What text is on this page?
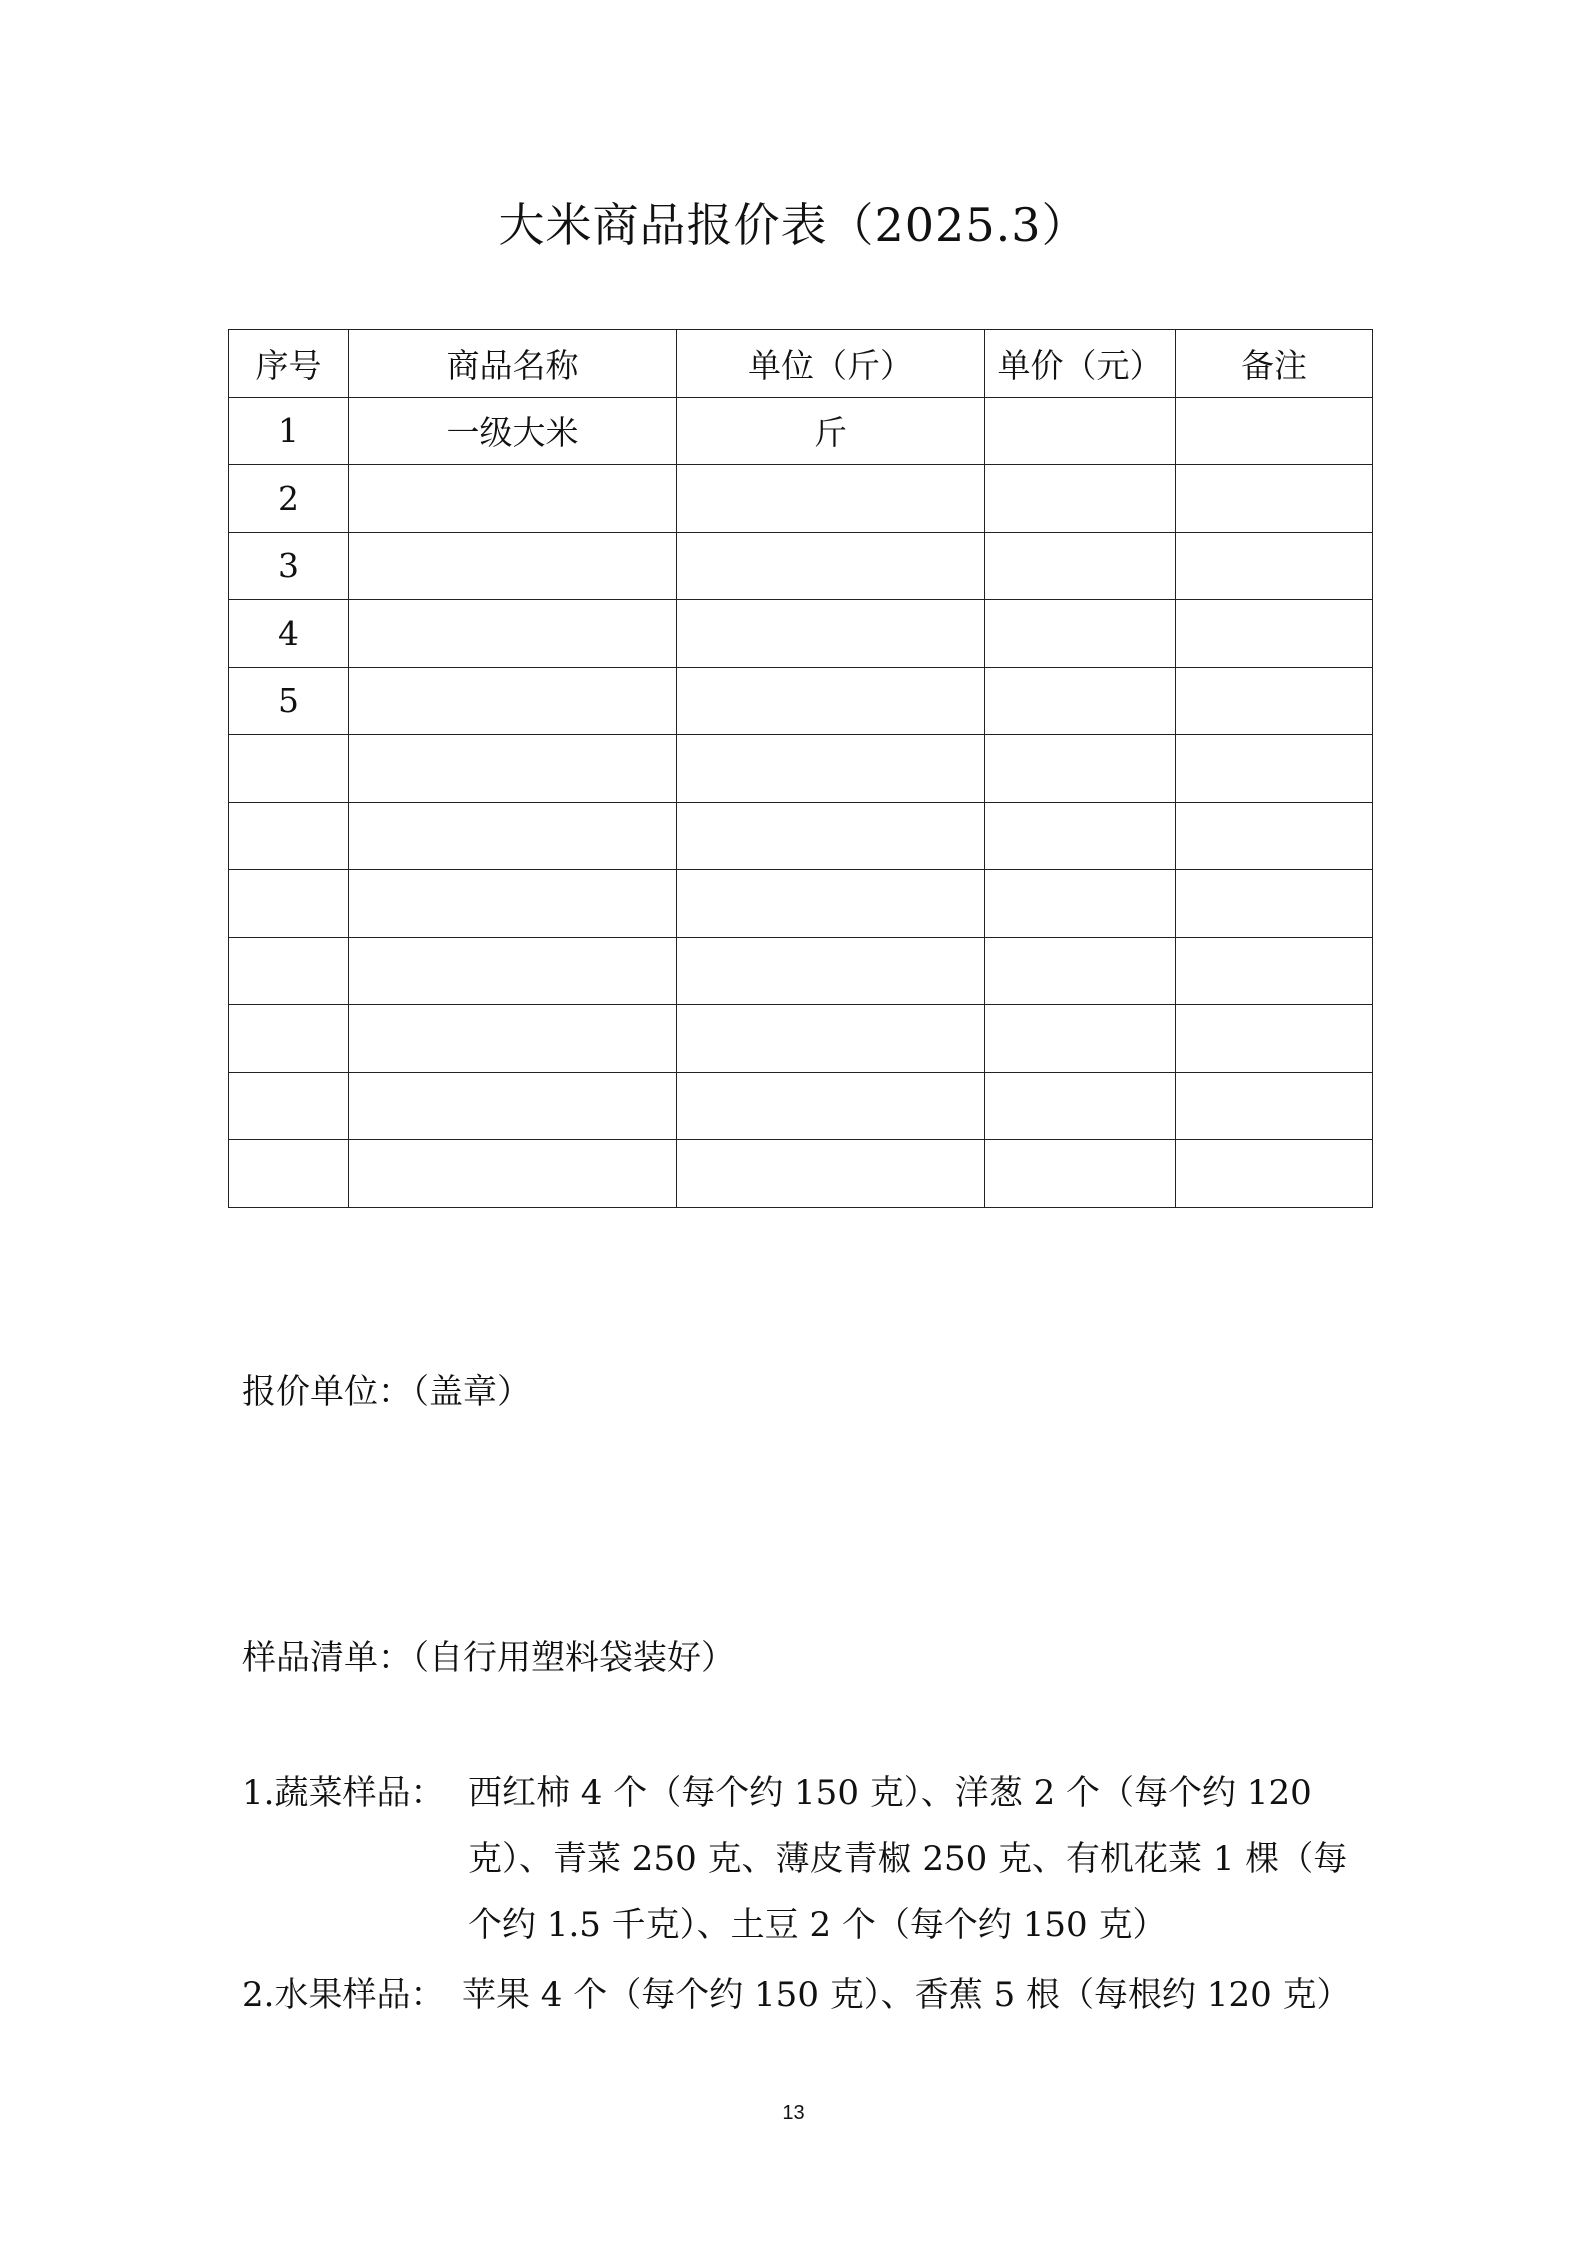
大米商品报价表（2025.3）
序号	商品名称	单位（斤）	单价（元）	备注
1	一级大米	斤		
2				
3				
4				
5				

报价单位：（盖章）
样品清单：（自行用塑料袋装好）
1.蔬菜样品： 西红柿 4 个（每个约 150 克）、洋葱 2 个（每个约 120
克）、青菜 250 克、薄皮青椒 250 克、有机花菜 1 棵（每
个约 1.5 千克）、土豆 2 个（每个约 150 克）
2.水果样品： 苹果 4 个（每个约 150 克）、香蕉 5 根（每根约 120 克）
13
